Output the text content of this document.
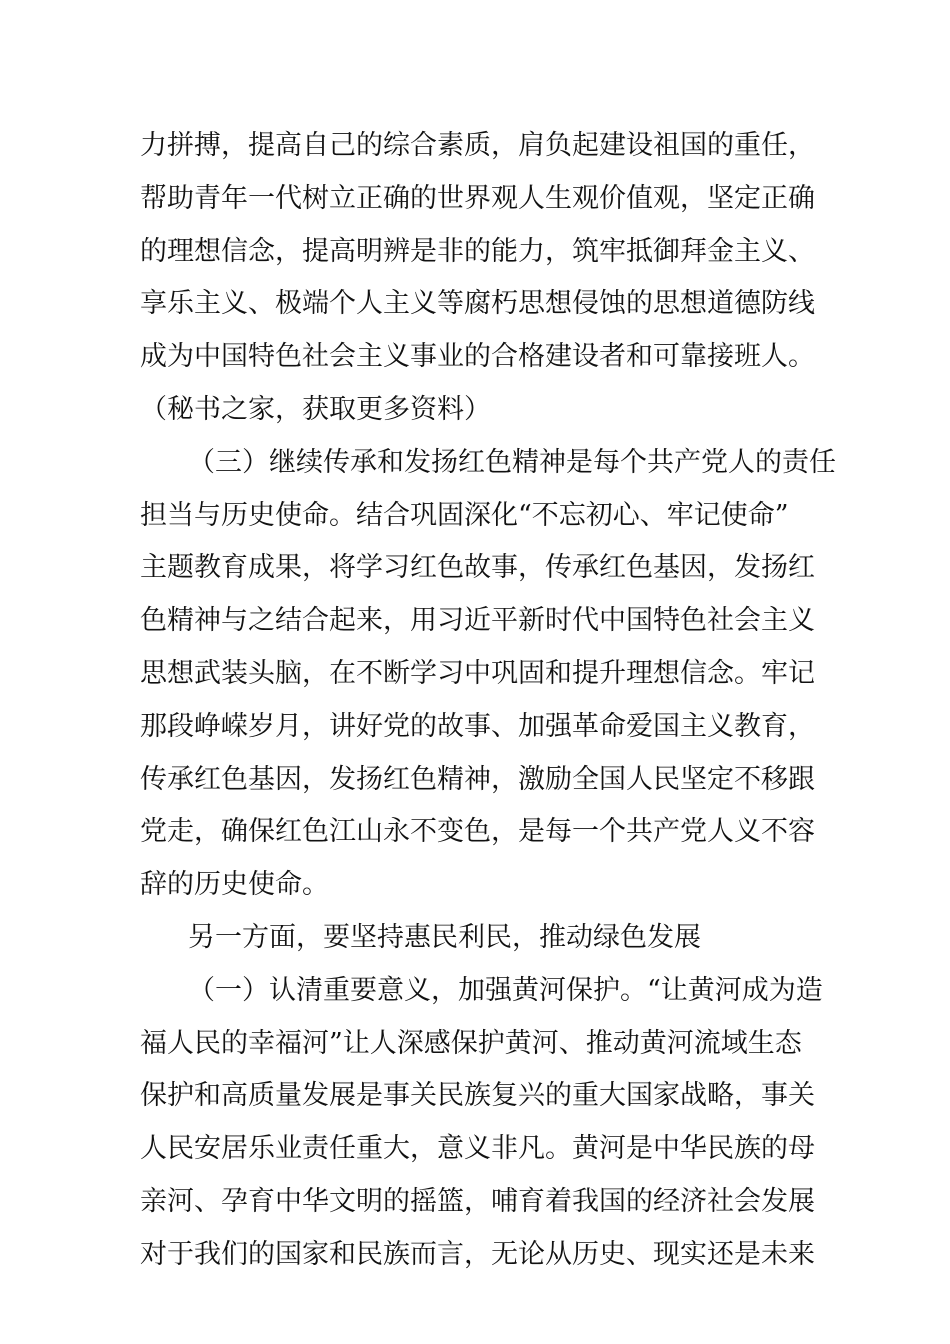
力拼搏，提高自己的综合素质，肩负起建设祖国的重任，
帮助青年一代树立正确的世界观人生观价值观，坚定正确
的理想信念，提高明辨是非的能力，筑牢抵御拜金主义、
享乐主义、极端个人主义等腐朽思想侵蚀的思想道德防线
成为中国特色社会主义事业的合格建设者和可靠接班人。
（秘书之家，获取更多资料）
（三）继续传承和发扬红色精神是每个共产党人的责任
担当与历史使命。结合巩固深化“不忘初心、牢记使命”
主题教育成果，将学习红色故事，传承红色基因，发扬红
色精神与之结合起来，用习近平新时代中国特色社会主义
思想武装头脑，在不断学习中巩固和提升理想信念。牢记
那段峥嵘岁月，讲好党的故事、加强革命爱国主义教育，
传承红色基因，发扬红色精神，激励全国人民坚定不移跟
党走，确保红色江山永不变色，是每一个共产党人义不容
辞的历史使命。
另一方面，要坚持惠民利民，推动绿色发展
（一）认清重要意义，加强黄河保护。“让黄河成为造
福人民的幸福河”让人深感保护黄河、推动黄河流域生态
保护和高质量发展是事关民族复兴的重大国家战略，事关
人民安居乐业责任重大，意义非凡。黄河是中华民族的母
亲河、孕育中华文明的摇篮，哺育着我国的经济社会发展
对于我们的国家和民族而言，无论从历史、现实还是未来
